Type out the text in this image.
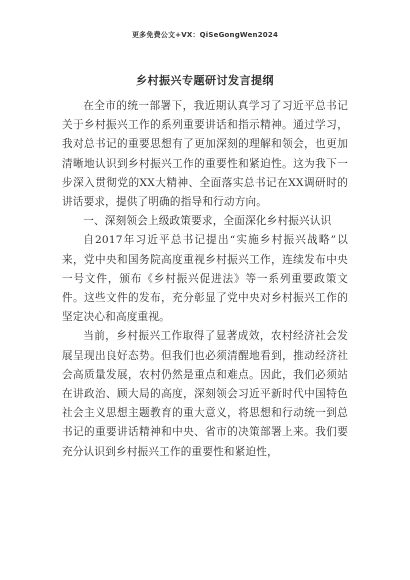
更多免费公文+VX：QiSeGongWen2024
乡村振兴专题研讨发言提纲

在全市的统一部署下，我近期认真学习了习近平总书记关于乡村振兴工作的系列重要讲话和指示精神。通过学习，我对总书记的重要思想有了更加深刻的理解和领会，也更加清晰地认识到乡村振兴工作的重要性和紧迫性。这为我下一步深入贯彻党的XX大精神、全面落实总书记在XX调研时的讲话要求，提供了明确的指导和行动方向。

一、深刻领会上级政策要求，全面深化乡村振兴认识

自2017年习近平总书记提出“实施乡村振兴战略”以来，党中央和国务院高度重视乡村振兴工作，连续发布中央一号文件，颁布《乡村振兴促进法》等一系列重要政策文件。这些文件的发布，充分彰显了党中央对乡村振兴工作的坚定决心和高度重视。

当前，乡村振兴工作取得了显著成效，农村经济社会发展呈现出良好态势。但我们也必须清醒地看到，推动经济社会高质量发展，农村仍然是重点和难点。因此，我们必须站在讲政治、顾大局的高度，深刻领会习近平新时代中国特色社会主义思想主题教育的重大意义，将思想和行动统一到总书记的重要讲话精神和中央、省市的决策部署上来。我们要充分认识到乡村振兴工作的重要性和紧迫性，
